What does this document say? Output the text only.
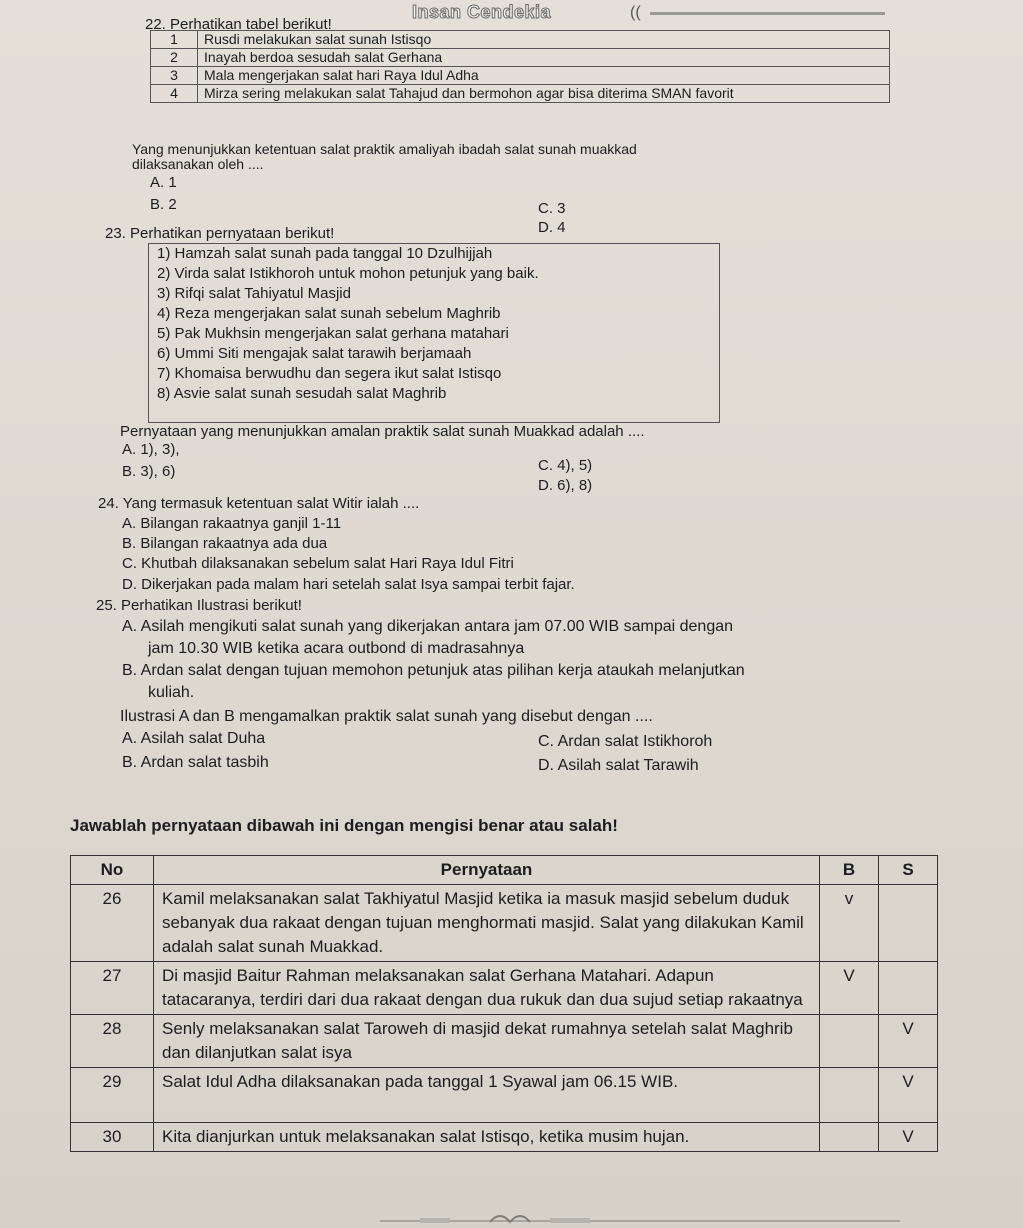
Insan Cendekia	((
22. Perhatikan tabel berikut!
1	Rusdi melakukan salat sunah Istisqo
2	Inayah berdoa sesudah salat Gerhana
3	Mala mengerjakan salat hari Raya Idul Adha
4	Mirza sering melakukan salat Tahajud dan bermohon agar bisa diterima SMAN favorit
Yang menunjukkan ketentuan salat praktik amaliyah ibadah salat sunah muakkad
dilaksanakan oleh ....
A. 1
B. 2	C. 3
D. 4
23. Perhatikan pernyataan berikut!
1) Hamzah salat sunah pada tanggal 10 Dzulhijjah
2) Virda salat Istikhoroh untuk mohon petunjuk yang baik.
3) Rifqi salat Tahiyatul Masjid
4) Reza mengerjakan salat sunah sebelum Maghrib
5) Pak Mukhsin mengerjakan salat gerhana matahari
6) Ummi Siti mengajak salat tarawih berjamaah
7) Khomaisa berwudhu dan segera ikut salat Istisqo
8) Asvie salat sunah sesudah salat Maghrib
Pernyataan yang menunjukkan amalan praktik salat sunah Muakkad adalah ....
A. 1), 3),
B. 3), 6)	C. 4), 5)
D. 6), 8)
24. Yang termasuk ketentuan salat Witir ialah ....
A. Bilangan rakaatnya ganjil 1-11
B. Bilangan rakaatnya ada dua
C. Khutbah dilaksanakan sebelum salat Hari Raya Idul Fitri
D. Dikerjakan pada malam hari setelah salat Isya sampai terbit fajar.
25. Perhatikan Ilustrasi berikut!
A. Asilah mengikuti salat sunah yang dikerjakan antara jam 07.00 WIB sampai dengan
jam 10.30 WIB ketika acara outbond di madrasahnya
B. Ardan salat dengan tujuan memohon petunjuk atas pilihan kerja ataukah melanjutkan
kuliah.
Ilustrasi A dan B mengamalkan praktik salat sunah yang disebut dengan ....
A. Asilah salat Duha
B. Ardan salat tasbih
C. Ardan salat Istikhoroh
D. Asilah salat Tarawih
Jawablah pernyataan dibawah ini dengan mengisi benar atau salah!
No	Pernyataan	B	S
26	Kamil melaksanakan salat Takhiyatul Masjid ketika ia masuk masjid sebelum duduk sebanyak dua rakaat dengan tujuan menghormati masjid. Salat yang dilakukan Kamil adalah salat sunah Muakkad.	v	
27	Di masjid Baitur Rahman melaksanakan salat Gerhana Matahari. Adapun tatacaranya, terdiri dari dua rakaat dengan dua rukuk dan dua sujud setiap rakaatnya	V	
28	Senly melaksanakan salat Taroweh di masjid dekat rumahnya setelah salat Maghrib dan dilanjutkan salat isya		V
29	Salat Idul Adha dilaksanakan pada tanggal 1 Syawal jam 06.15 WIB.		V
30	Kita dianjurkan untuk melaksanakan salat Istisqo, ketika musim hujan.		V
